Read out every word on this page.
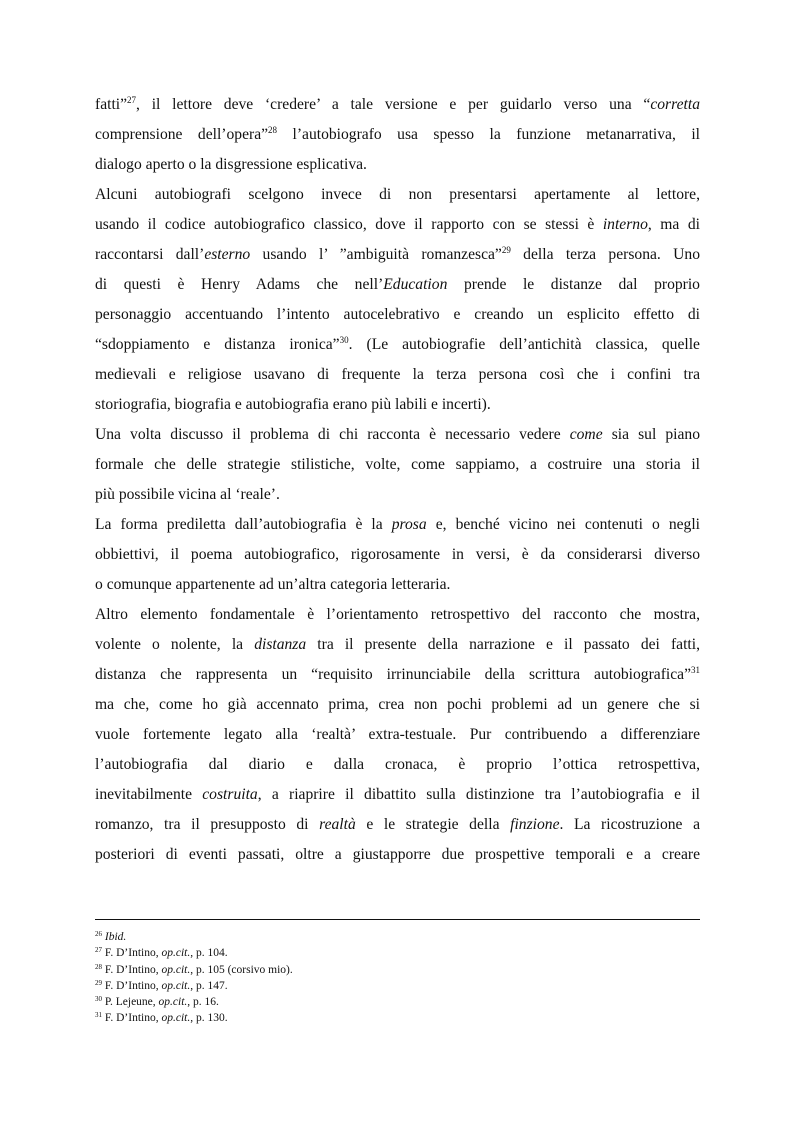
fatti”$^{27}$, il lettore deve ‘credere’ a tale versione e per guidarlo verso una “corretta
comprensione dell’opera”$^{28}$ l’autobiografo usa spesso la funzione metanarrativa, il
dialogo aperto o la disgressione esplicativa.
Alcuni autobiografi scelgono invece di non presentarsi apertamente al lettore,
usando il codice autobiografico classico, dove il rapporto con se stessi è interno, ma di
raccontarsi dall’esterno usando l’ ”ambiguità romanzesca”$^{29}$ della terza persona. Uno
di questi è Henry Adams che nell’Education prende le distanze dal proprio
personaggio accentuando l’intento autocelebrativo e creando un esplicito effetto di
“sdoppiamento e distanza ironica”$^{30}$. (Le autobiografie dell’antichità classica, quelle
medievali e religiose usavano di frequente la terza persona così che i confini tra
storiografia, biografia e autobiografia erano più labili e incerti).
Una volta discusso il problema di chi racconta è necessario vedere come sia sul piano
formale che delle strategie stilistiche, volte, come sappiamo, a costruire una storia il
più possibile vicina al ‘reale’.
La forma prediletta dall’autobiografia è la prosa e, benché vicino nei contenuti o negli
obbiettivi, il poema autobiografico, rigorosamente in versi, è da considerarsi diverso
o comunque appartenente ad un’altra categoria letteraria.
Altro elemento fondamentale è l’orientamento retrospettivo del racconto che mostra,
volente o nolente, la distanza tra il presente della narrazione e il passato dei fatti,
distanza che rappresenta un “requisito irrinunciabile della scrittura autobiografica”$^{31}$
ma che, come ho già accennato prima, crea non pochi problemi ad un genere che si
vuole fortemente legato alla ‘realtà’ extra-testuale. Pur contribuendo a differenziare
l’autobiografia dal diario e dalla cronaca, è proprio l’ottica retrospettiva,
inevitabilmente costruita, a riaprire il dibattito sulla distinzione tra l’autobiografia e il
romanzo, tra il presupposto di realtà e le strategie della finzione. La ricostruzione a
posteriori di eventi passati, oltre a giustapporre due prospettive temporali e a creare

$^{26}$ Ibid.
$^{27}$ F. D’Intino, op.cit., p. 104.
$^{28}$ F. D’Intino, op.cit., p. 105 (corsivo mio).
$^{29}$ F. D’Intino, op.cit., p. 147.
$^{30}$ P. Lejeune, op.cit., p. 16.
$^{31}$ F. D’Intino, op.cit., p. 130.
